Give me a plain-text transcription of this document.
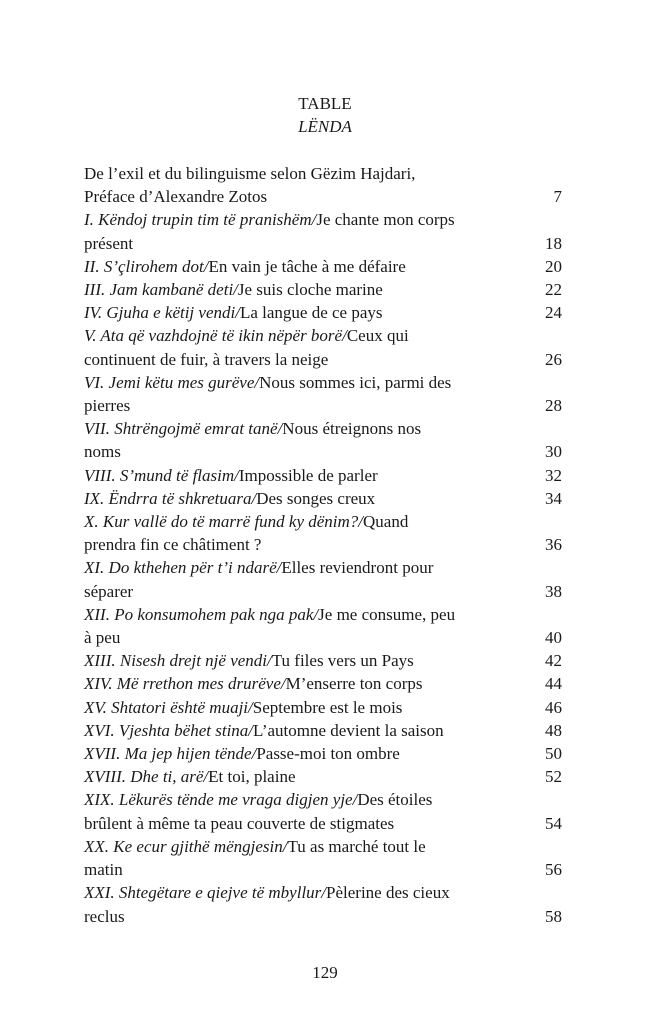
TABLE
LËNDA
De l’exil et du bilinguisme selon Gëzim Hajdari,
Préface d’Alexandre Zotos	7
I. Këndoj trupin tim të pranishëm/Je chante mon corps
présent	18
II. S’çlirohem dot/En vain je tâche à me défaire	20
III. Jam kambanë deti/Je suis cloche marine	22
IV. Gjuha e këtij vendi/La langue de ce pays	24
V. Ata që vazhdojnë të ikin nëpër borë/Ceux qui
continuent de fuir, à travers la neige	26
VI. Jemi këtu mes gurëve/Nous sommes ici, parmi des
pierres	28
VII. Shtrëngojmë emrat tanë/Nous étreignons nos
noms	30
VIII. S’mund të flasim/Impossible de parler	32
IX. Ëndrra të shkretuara/Des songes creux	34
X. Kur vallë do të marrë fund ky dënim?/Quand
prendra fin ce châtiment ?	36
XI. Do kthehen për t’i ndarë/Elles reviendront pour
séparer	38
XII. Po konsumohem pak nga pak/Je me consume, peu
à peu	40
XIII. Nisesh drejt një vendi/Tu files vers un Pays	42
XIV. Më rrethon mes drurëve/M’enserre ton corps	44
XV. Shtatori është muaji/Septembre est le mois	46
XVI. Vjeshta bëhet stina/L’automne devient la saison	48
XVII. Ma jep hijen tënde/Passe-moi ton ombre	50
XVIII. Dhe ti, arë/Et toi, plaine	52
XIX. Lëkurës tënde me vraga digjen yje/Des étoiles
brûlent à même ta peau couverte de stigmates	54
XX. Ke ecur gjithë mëngjesin/Tu as marché tout le
matin	56
XXI. Shtegëtare e qiejve të mbyllur/Pèlerine des cieux
reclus	58
129
